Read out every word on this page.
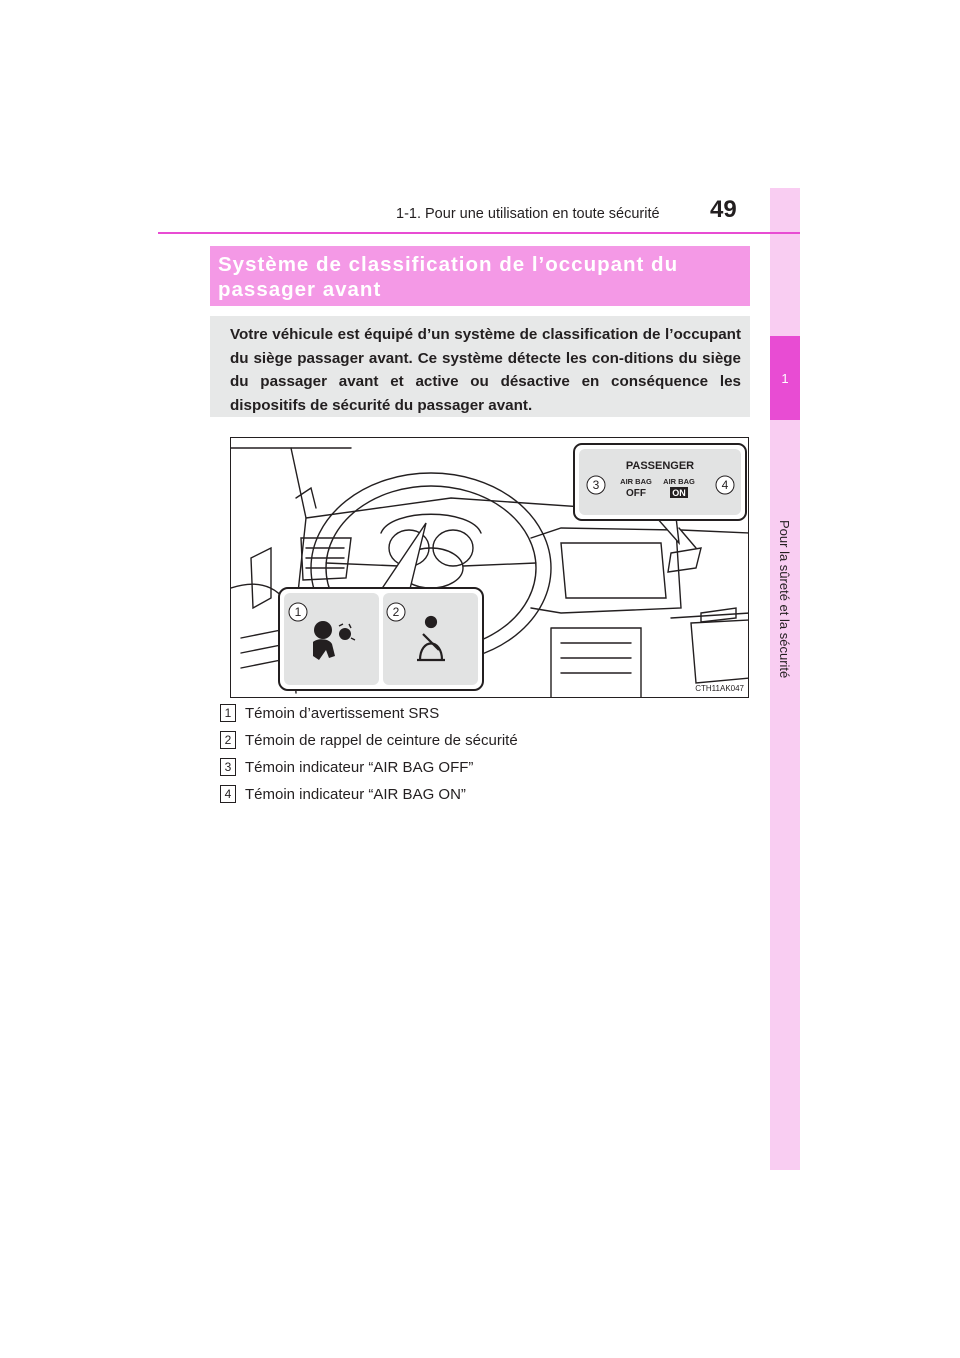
1
Pour la sûreté et la sécurité
1-1. Pour une utilisation en toute sécurité 49
Système de classification de l’occupant du
passager avant
Votre véhicule est équipé d’un système de classification de l’occupant du siège passager avant. Ce système détecte les con-ditions du siège du passager avant et active ou désactive en conséquence les dispositifs de sécurité du passager avant.
1	2
PASSENGER
AIR BAG
OFF
AIR BAG
ON
3	4
CTH11AK047
1 Témoin d’avertissement SRS
2 Témoin de rappel de ceinture de sécurité
3 Témoin indicateur “AIR BAG OFF”
4 Témoin indicateur “AIR BAG ON”
